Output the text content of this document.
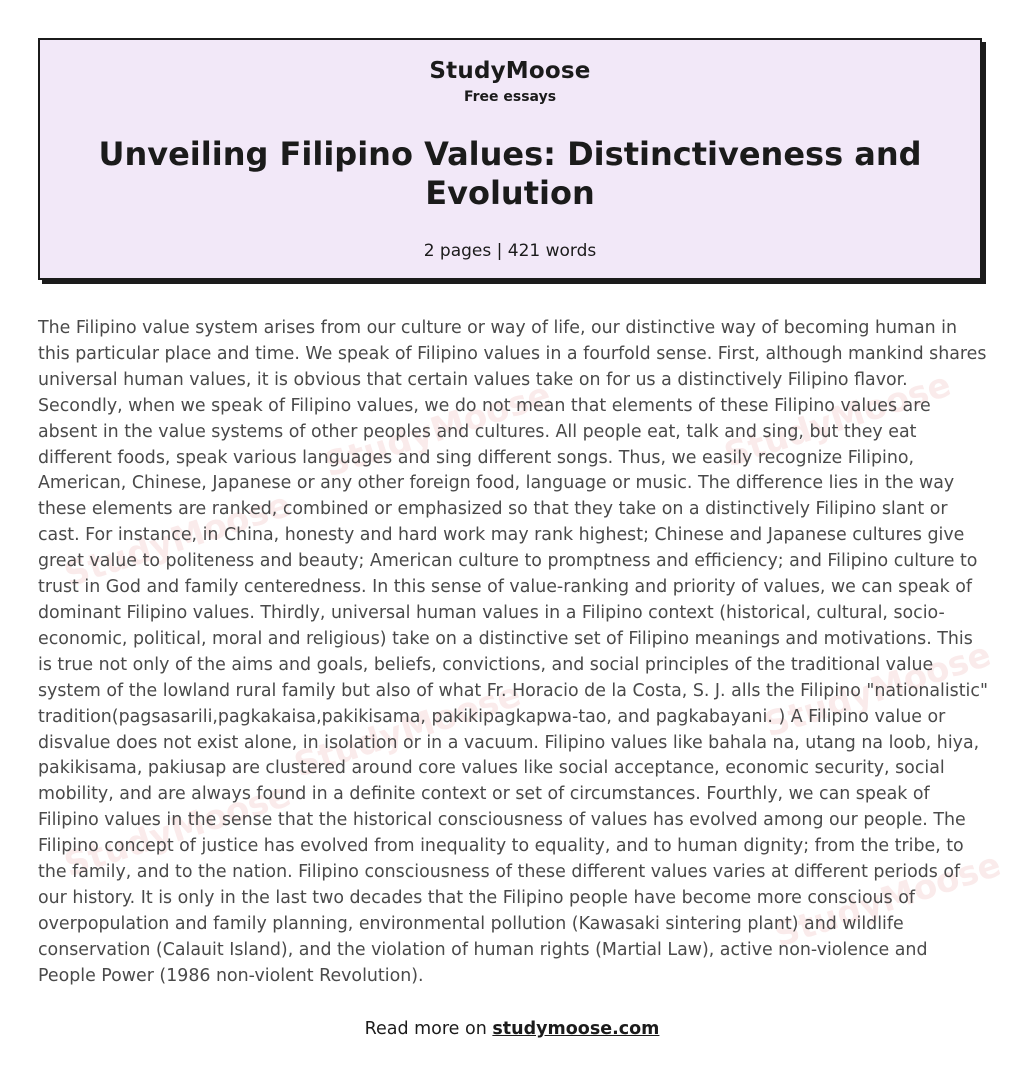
StudyMoose
Free essays
Unveiling Filipino Values: Distinctiveness and Evolution
2 pages | 421 words
StudyMoose
StudyMoose	StudyMoose
StudyMoose	StudyMoose
StudyMoose
StudyMoose

The Filipino value system arises from our culture or way of life, our distinctive way of becoming human in this particular place and time. We speak of Filipino values in a fourfold sense. First, although mankind shares universal human values, it is obvious that certain values take on for us a distinctively Filipino flavor. Secondly, when we speak of Filipino values, we do not mean that elements of these Filipino values are absent in the value systems of other peoples and cultures. All people eat, talk and sing, but they eat different foods, speak various languages and sing different songs. Thus, we easily recognize Filipino, American, Chinese, Japanese or any other foreign food, language or music. The difference lies in the way these elements are ranked, combined or emphasized so that they take on a distinctively Filipino slant or cast. For instance, in China, honesty and hard work may rank highest; Chinese and Japanese cultures give great value to politeness and beauty; American culture to promptness and efficiency; and Filipino culture to trust in God and family centeredness. In this sense of value-ranking and priority of values, we can speak of dominant Filipino values. Thirdly, universal human values in a Filipino context (historical, cultural, socio-economic, political, moral and religious) take on a distinctive set of Filipino meanings and motivations. This is true not only of the aims and goals, beliefs, convictions, and social principles of the traditional value system of the lowland rural family but also of what Fr. Horacio de la Costa, S. J. alls the Filipino "nationalistic" tradition(pagsasarili,pagkakaisa,pakikisama, pakikipagkapwa-tao, and pagkabayani. ) A Filipino value or disvalue does not exist alone, in isolation or in a vacuum. Filipino values like bahala na, utang na loob, hiya, pakikisama, pakiusap are clustered around core values like social acceptance, economic security, social mobility, and are always found in a definite context or set of circumstances. Fourthly, we can speak of Filipino values in the sense that the historical consciousness of values has evolved among our people. The Filipino concept of justice has evolved from inequality to equality, and to human dignity; from the tribe, to the family, and to the nation. Filipino consciousness of these different values varies at different periods of our history. It is only in the last two decades that the Filipino people have become more conscious of overpopulation and family planning, environmental pollution (Kawasaki sintering plant) and wildlife conservation (Calauit Island), and the violation of human rights (Martial Law), active non-violence and People Power (1986 non-violent Revolution).

Read more on studymoose.com
